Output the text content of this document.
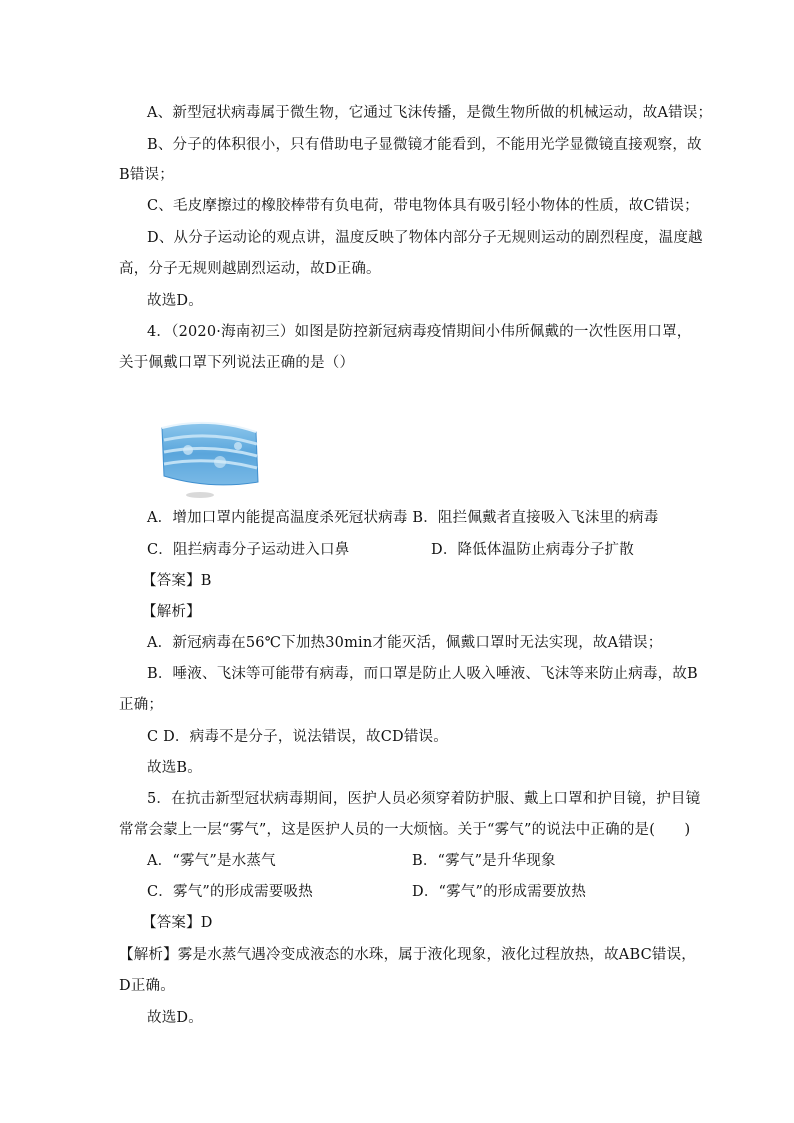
A、新型冠状病毒属于微生物，它通过飞沫传播，是微生物所做的机械运动，故A错误；
B、分子的体积很小，只有借助电子显微镜才能看到，不能用光学显微镜直接观察，故
B错误；
C、毛皮摩擦过的橡胶棒带有负电荷，带电物体具有吸引轻小物体的性质，故C错误；
D、从分子运动论的观点讲，温度反映了物体内部分子无规则运动的剧烈程度，温度越
高，分子无规则越剧烈运动，故D正确。
故选D。
4．（2020·海南初三）如图是防控新冠病毒疫情期间小伟所佩戴的一次性医用口罩，
关于佩戴口罩下列说法正确的是（）
A．增加口罩内能提高温度杀死冠状病毒 B．阻拦佩戴者直接吸入飞沫里的病毒
C．阻拦病毒分子运动进入口鼻	D．降低体温防止病毒分子扩散
【答案】B
【解析】
A．新冠病毒在56℃下加热30min才能灭活，佩戴口罩时无法实现，故A错误；
B．唾液、飞沫等可能带有病毒，而口罩是防止人吸入唾液、飞沫等来防止病毒，故B
正确；
C D．病毒不是分子，说法错误，故CD错误。
故选B。
5．在抗击新型冠状病毒期间，医护人员必须穿着防护服、戴上口罩和护目镜，护目镜
常常会蒙上一层“雾气”，这是医护人员的一大烦恼。关于“雾气”的说法中正确的是(　　)
A．“雾气”是水蒸气	B．“雾气”是升华现象
C．雾气”的形成需要吸热	D．“雾气”的形成需要放热
【答案】D
【解析】雾是水蒸气遇冷变成液态的水珠，属于液化现象，液化过程放热，故ABC错误，
D正确。
故选D。
